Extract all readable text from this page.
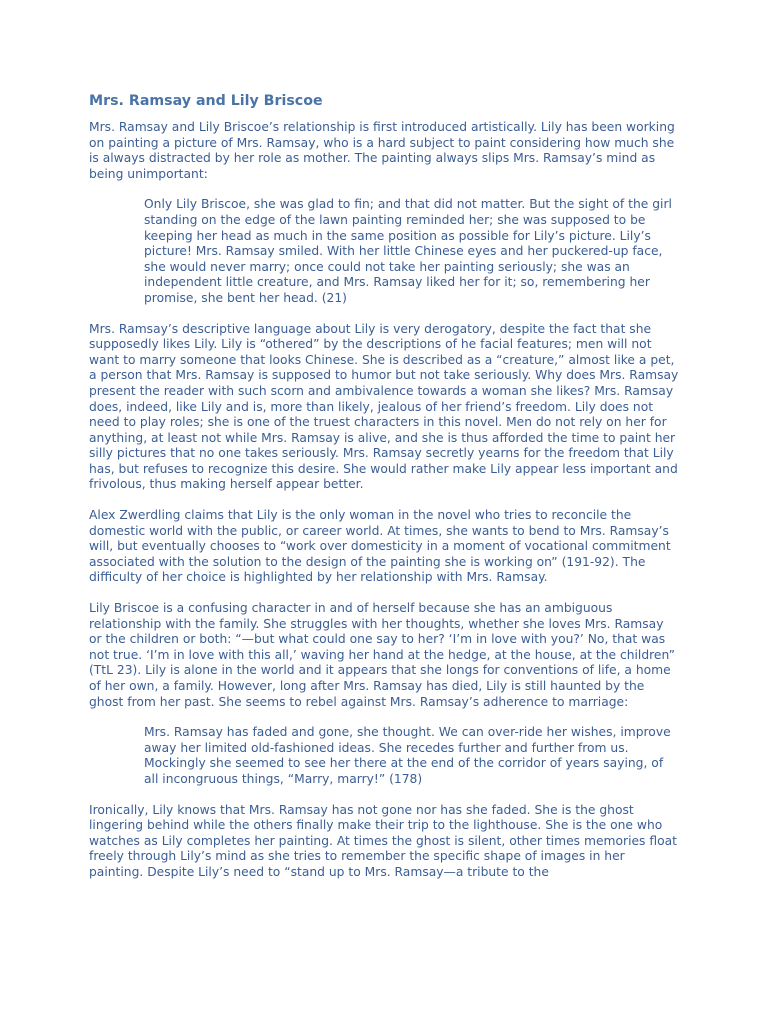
Mrs. Ramsay and Lily Briscoe

Mrs. Ramsay and Lily Briscoe’s relationship is first introduced artistically. Lily has been working on painting a picture of Mrs. Ramsay, who is a hard subject to paint considering how much she is always distracted by her role as mother. The painting always slips Mrs. Ramsay’s mind as being unimportant:

Only Lily Briscoe, she was glad to fin; and that did not matter. But the sight of the girl standing on the edge of the lawn painting reminded her; she was supposed to be keeping her head as much in the same position as possible for Lily’s picture. Lily’s picture! Mrs. Ramsay smiled. With her little Chinese eyes and her puckered-up face, she would never marry; once could not take her painting seriously; she was an independent little creature, and Mrs. Ramsay liked her for it; so, remembering her promise, she bent her head. (21)

Mrs. Ramsay’s descriptive language about Lily is very derogatory, despite the fact that she supposedly likes Lily. Lily is “othered” by the descriptions of he facial features; men will not want to marry someone that looks Chinese. She is described as a “creature,” almost like a pet, a person that Mrs. Ramsay is supposed to humor but not take seriously. Why does Mrs. Ramsay present the reader with such scorn and ambivalence towards a woman she likes? Mrs. Ramsay does, indeed, like Lily and is, more than likely, jealous of her friend’s freedom. Lily does not need to play roles; she is one of the truest characters in this novel. Men do not rely on her for anything, at least not while Mrs. Ramsay is alive, and she is thus afforded the time to paint her silly pictures that no one takes seriously. Mrs. Ramsay secretly yearns for the freedom that Lily has, but refuses to recognize this desire. She would rather make Lily appear less important and frivolous, thus making herself appear better.

Alex Zwerdling claims that Lily is the only woman in the novel who tries to reconcile the domestic world with the public, or career world. At times, she wants to bend to Mrs. Ramsay’s will, but eventually chooses to “work over domesticity in a moment of vocational commitment associated with the solution to the design of the painting she is working on” (191-92). The difficulty of her choice is highlighted by her relationship with Mrs. Ramsay.

Lily Briscoe is a confusing character in and of herself because she has an ambiguous relationship with the family. She struggles with her thoughts, whether she loves Mrs. Ramsay or the children or both: “—but what could one say to her? ‘I’m in love with you?’ No, that was not true. ‘I’m in love with this all,’ waving her hand at the hedge, at the house, at the children” (TtL 23). Lily is alone in the world and it appears that she longs for conventions of life, a home of her own, a family. However, long after Mrs. Ramsay has died, Lily is still haunted by the ghost from her past. She seems to rebel against Mrs. Ramsay’s adherence to marriage:

Mrs. Ramsay has faded and gone, she thought. We can over-ride her wishes, improve away her limited old-fashioned ideas. She recedes further and further from us. Mockingly she seemed to see her there at the end of the corridor of years saying, of all incongruous things, “Marry, marry!” (178)

Ironically, Lily knows that Mrs. Ramsay has not gone nor has she faded. She is the ghost lingering behind while the others finally make their trip to the lighthouse. She is the one who watches as Lily completes her painting. At times the ghost is silent, other times memories float freely through Lily’s mind as she tries to remember the specific shape of images in her painting. Despite Lily’s need to “stand up to Mrs. Ramsay—a tribute to the
